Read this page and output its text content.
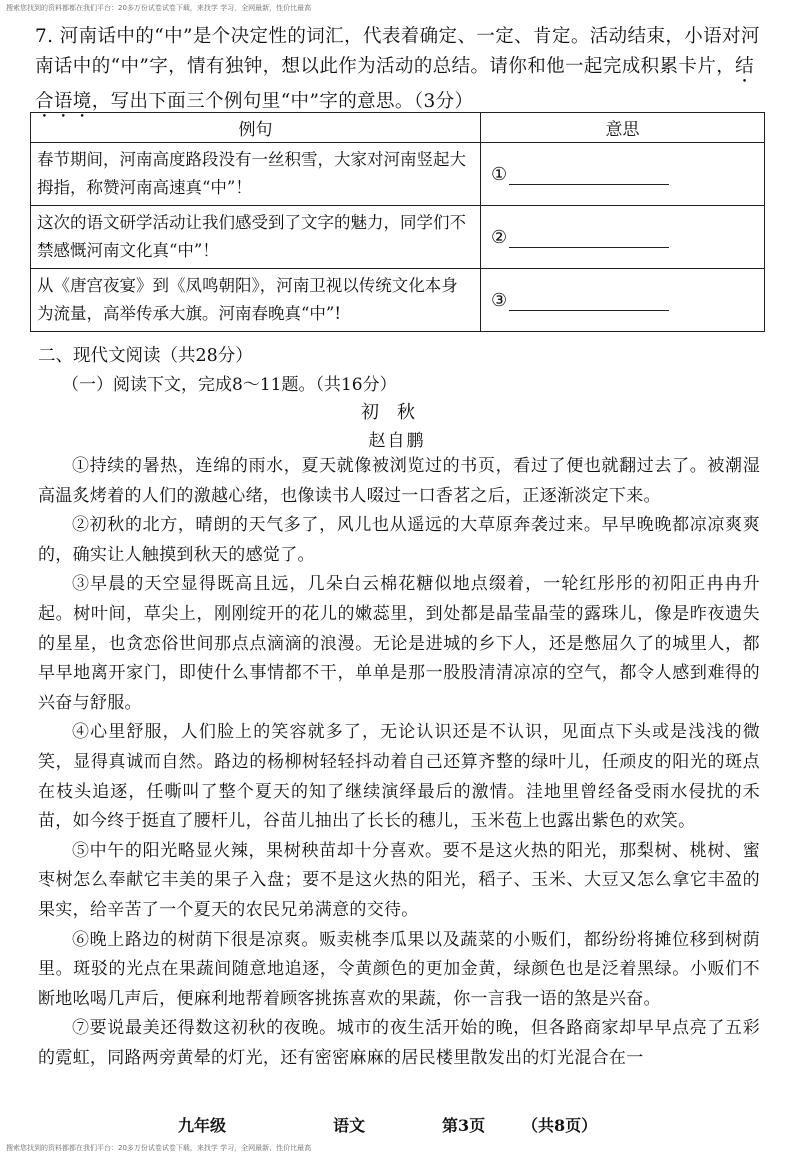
搜索您找到的资料都都在我们平台：20多万份试卷试卷下载，来找学 学习，全网最新，性价比最高

7. 河南话中的“中”是个决定性的词汇，代表着确定、一定、肯定。活动结束，小语对河南话中的“中”字，情有独钟，想以此作为活动的总结。请你和他一起完成积累卡片，结合语境，写出下面三个例句里“中”字的意思。（3分）

例句	意思
春节期间，河南高度路段没有一丝积雪，大家对河南竖起大拇指，称赞河南高速真“中”！	①
这次的语文研学活动让我们感受到了文字的魅力，同学们不禁感慨河南文化真“中”！	②
从《唐宫夜宴》到《凤鸣朝阳》，河南卫视以传统文化本身为流量，高举传承大旗。河南春晚真“中”!	③
二、现代文阅读（共28分）
（一）阅读下文，完成8～11题。（共16分）
初秋
赵自鹏

①持续的暑热，连绵的雨水，夏天就像被浏览过的书页，看过了便也就翻过去了。被潮湿高温炙烤着的人们的激越心绪，也像读书人啜过一口香茗之后，正逐渐淡定下来。

②初秋的北方，晴朗的天气多了，风儿也从遥远的大草原奔袭过来。早早晚晚都凉凉爽爽的，确实让人触摸到秋天的感觉了。

③早晨的天空显得既高且远，几朵白云棉花糖似地点缀着，一轮红彤彤的初阳正冉冉升起。树叶间，草尖上，刚刚绽开的花儿的嫩蕊里，到处都是晶莹晶莹的露珠儿，像是昨夜遗失的星星，也贪恋俗世间那点点滴滴的浪漫。无论是进城的乡下人，还是憋屈久了的城里人，都早早地离开家门，即使什么事情都不干，单单是那一股股清清凉凉的空气，都令人感到难得的兴奋与舒服。

④心里舒服，人们脸上的笑容就多了，无论认识还是不认识，见面点下头或是浅浅的微笑，显得真诚而自然。路边的杨柳树轻轻抖动着自己还算齐整的绿叶儿，任顽皮的阳光的斑点在枝头追逐，任嘶叫了整个夏天的知了继续演绎最后的激情。洼地里曾经备受雨水侵扰的禾苗，如今终于挺直了腰杆儿，谷苗儿抽出了长长的穗儿，玉米苞上也露出紫色的欢笑。

⑤中午的阳光略显火辣，果树秧苗却十分喜欢。要不是这火热的阳光，那梨树、桃树、蜜枣树怎么奉献它丰美的果子入盘；要不是这火热的阳光，稻子、玉米、大豆又怎么拿它丰盈的果实，给辛苦了一个夏天的农民兄弟满意的交待。

⑥晚上路边的树荫下很是凉爽。贩卖桃李瓜果以及蔬菜的小贩们，都纷纷将摊位移到树荫里。斑驳的光点在果蔬间随意地追逐，令黄颜色的更加金黄，绿颜色也是泛着黑绿。小贩们不断地吆喝几声后，便麻利地帮着顾客挑拣喜欢的果蔬，你一言我一语的煞是兴奋。

⑦要说最美还得数这初秋的夜晚。城市的夜生活开始的晚，但各路商家却早早点亮了五彩的霓虹，同路两旁黄晕的灯光，还有密密麻麻的居民楼里散发出的灯光混合在一

九年级	语文	第3页 （共8页）
搜索您找到的资料都都在我们平台：20多万份试卷试卷下载，来找学 学习，全网最新，性价比最高
